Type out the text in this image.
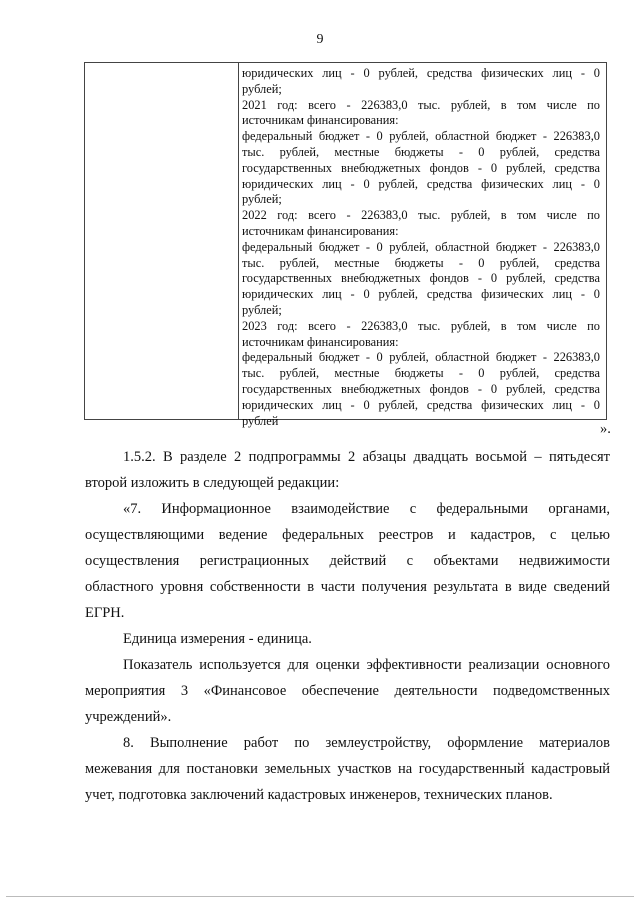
9
юридических лиц - 0 рублей, средства физических лиц - 0
рублей;
2021 год: всего - 226383,0 тыс. рублей, в том числе по
источникам финансирования:
федеральный бюджет - 0 рублей, областной бюджет - 226383,0
тыс. рублей, местные бюджеты - 0 рублей, средства
государственных внебюджетных фондов - 0 рублей, средства
юридических лиц - 0 рублей, средства физических лиц - 0
рублей;
2022 год: всего - 226383,0 тыс. рублей, в том числе по
источникам финансирования:
федеральный бюджет - 0 рублей, областной бюджет - 226383,0
тыс. рублей, местные бюджеты - 0 рублей, средства
государственных внебюджетных фондов - 0 рублей, средства
юридических лиц - 0 рублей, средства физических лиц - 0
рублей;
2023 год: всего - 226383,0 тыс. рублей, в том числе по
источникам финансирования:
федеральный бюджет - 0 рублей, областной бюджет - 226383,0
тыс. рублей, местные бюджеты - 0 рублей, средства
государственных внебюджетных фондов - 0 рублей, средства
юридических лиц - 0 рублей, средства физических лиц - 0
рублей
».
1.5.2. В разделе 2 подпрограммы 2 абзацы двадцать восьмой – пятьдесят
второй изложить в следующей редакции:
«7. Информационное взаимодействие с федеральными органами,
осуществляющими ведение федеральных реестров и кадастров, с целью
осуществления регистрационных действий с объектами недвижимости
областного уровня собственности в части получения результата в виде сведений
ЕГРН.
Единица измерения - единица.
Показатель используется для оценки эффективности реализации основного
мероприятия 3 «Финансовое обеспечение деятельности подведомственных
учреждений».
8. Выполнение работ по землеустройству, оформление материалов
межевания для постановки земельных участков на государственный кадастровый
учет, подготовка заключений кадастровых инженеров, технических планов.
